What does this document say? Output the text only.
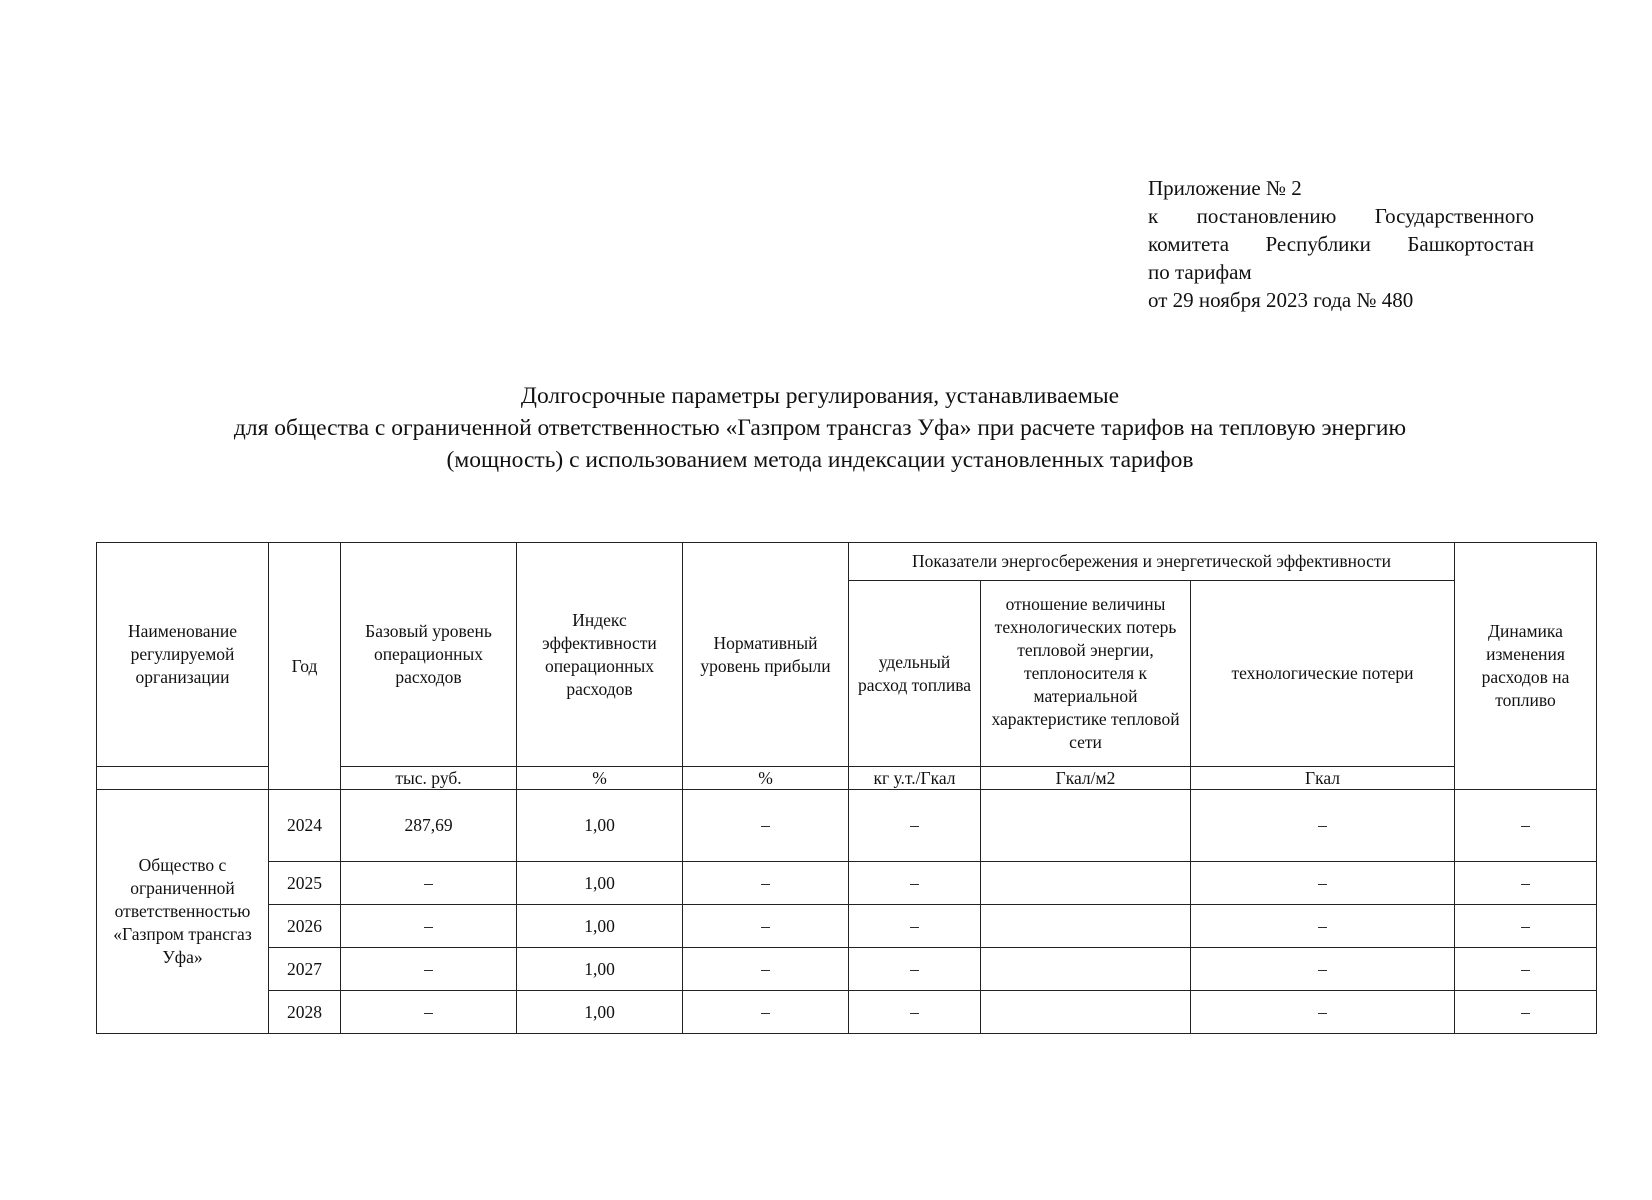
Приложение № 2
к постановлению Государственного
комитета Республики Башкортостан
по тарифам
от 29 ноября 2023 года № 480
Долгосрочные параметры регулирования, устанавливаемые
для общества с ограниченной ответственностью «Газпром трансгаз Уфа» при расчете тарифов на тепловую энергию
(мощность) с использованием метода индексации установленных тарифов
Наименование регулируемой организации	Год	Базовый уровень операционных расходов	Индекс эффективности операционных расходов	Нормативный уровень прибыли	Показатели энергосбережения и энергетической эффективности			Динамика изменения расходов на топливо
					удельный расход топлива	отношение величины технологических потерь тепловой энергии, теплоносителя к материальной характеристике тепловой сети	технологические потери	
		тыс. руб.	%	%	кг у.т./Гкал	Гкал/м2	Гкал	
Общество с ограниченной ответственностью «Газпром трансгаз Уфа»	2024	287,69	1,00	–	–		–	–
	2025	–	1,00	–	–		–	–
	2026	–	1,00	–	–		–	–
	2027	–	1,00	–	–		–	–
	2028	–	1,00	–	–		–	–
